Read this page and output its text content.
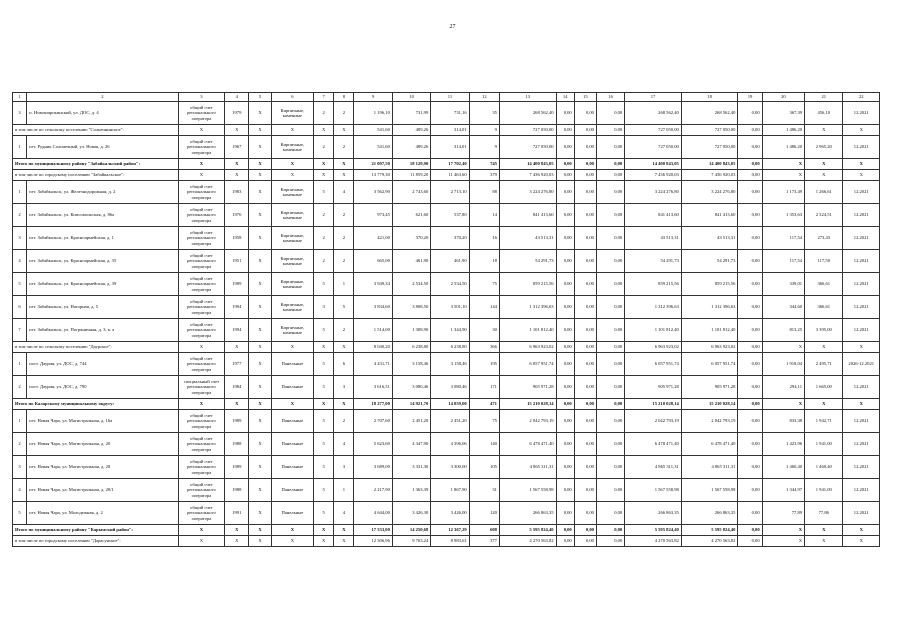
27
1	2	3	4	5	6	7	8	9	10	11	12	13	14	15	16	17	18	19	20	21	22
3	п. Новоширокинский, ул. ДОС, д. 4	общий счет регионального оператора	1979	Х	Кирпичные, каменные	2	2	1 196,10	731,99	731,16	35	268 562,40	0,00	0,00	0,00	268 562,40	268 562,40	0,00	367,39	456,10	12.2021
в том числе по сельскому поселению "Солнечнинское":		Х	Х	Х	Х	Х	Х	541,60	489,26	314,01	9	727 050,00	0,00	0,00	0,00	727 050,00	727 050,00	0,00	1 486,20	Х	Х
1	пгт. Рудник Солонечный, ул. Новая, д. 26	общий счет регионального оператора	1967	Х	Кирпичные, каменные	2	2	541,60	489,26	314,01	9	727 050,00	0,00	0,00	0,00	727 050,00	727 050,00	0,00	1 486,20	2 965,20	12.2021
Итого по муниципальному району "Забайкальский район":		Х	Х	Х	Х	Х	Х	21 097,50	18 129,90	17 702,40	745	14 400 843,05	0,00	0,00	0,00	14 400 843,05	14 400 843,05	0,00	Х	Х	Х
в том числе по городскому поселению "Забайкальское":		Х	Х	Х	Х	Х	Х	13 779,30	11 859,20	11 463,60	379	7 436 920,03	0,00	0,00	0,00	7 436 920,03	7 436 920,03	0,00	Х	Х	Х
1	пгт. Забайкальск, ул. Железнодорожная, д. 2	общий счет регионального оператора	1983	Х	Кирпичные, каменные	5	4	3 562,90	2 743,60	2 713,10	88	3 224 276,80	0,00	0,00	0,00	3 224 276,80	3 224 276,80	0,00	1 173,49	1 266,61	12.2021
2	пгт. Забайкальск, ул. Комсомольская, д. 86а	общий счет регионального оператора	1976	Х	Кирпичные, каменные	2	2	973,45	621,60	537,80	14	841 413,60	0,00	0,00	0,00	841 413,60	841 413,60	0,00	1 353,63	2 324,51	12.2021
3	пгт. Забайкальск, ул. Красноармейская, д. 1	общий счет регионального оператора	1958	Х	Кирпичные, каменные	2	2	421,00	370,20	370,20	16	43 513,31	0,00	0,00	0,00	43 513,31	43 513,31	0,00	117,54	273,43	12.2021
4	пгт. Забайкальск, ул. Красноармейская, д. 35	общий счет регионального оператора	1951	Х	Кирпичные, каменные	2	2	665,00	461,90	461,90	18	54 291,73	0,00	0,00	0,00	54 291,73	54 291,73	0,00	117,54	117,50	12.2021
5	пгт. Забайкальск, ул. Красноармейская, д. 39	общий счет регионального оператора	1989	Х	Кирпичные, каменные	5	1	3 949,34	2 534,50	2 534,50	75	859 215,56	0,00	0,00	0,00	859 215,56	859 215,56	0,00	339,01	366,61	12.2021
6	пгт. Забайкальск, ул. Нагорная, д. 5	общий счет регионального оператора	1994	Х	Кирпичные, каменные	3	5	3 834,60	3 808,50	3 501,10	144	1 312 396,63	0,00	0,00	0,00	1 312 396,63	1 312 396,63	0,00	344,60	366,61	12.2021
7	пгт. Забайкальск, ул. Пограничная, д. 3, к. а	общий счет регионального оператора	1994	Х	Кирпичные, каменные	5	2	1 514,00	1 308,90	1 344,90	30	1 101 812,40	0,00	0,00	0,00	1 101 812,40	1 101 812,40	0,00	813,25	3 395,00	12.2021
в том числе по сельскому поселению "Даурское":		Х	Х	Х	Х	Х	Х	8 040,20	6 238,80	6 238,80	366	6 963 923,02	0,00	0,00	0,00	6 963 923,02	6 963 923,02	0,00	Х	Х	Х
1	пост. Даурия, ул. ДОС, д. 744	общий счет регионального оператора	1977	Х	Панельные	5	6	4 431,71	3 158,46	3 158,46	195	6 057 951,74	0,00	0,00	0,00	6 057 951,74	6 057 951,74	0,00	1 918,04	2 495,71	2026-12.2021
2	пост. Даурия, ул. ДОС, д. 790	специальный счет регионального оператора	1984	Х	Панельные	5	3	3 616,51	3 080,46	3 080,46	171	905 971,28	0,00	0,00	0,00	905 971,28	905 971,28	0,00	294,11	1 665,00	12.2021
Итого по Каларскому муниципальному округу:		Х	Х	Х	Х	Х	Х	18 277,00	14 921,70	14 859,00	471	15 210 028,14	0,00	0,00	0,00	15 210 028,14	15 210 028,14	0,00	Х	Х	Х
1	пгт. Новая Чара, ул. Магистральная, д. 16а	общий счет регионального оператора	1989	Х	Панельные	5	2	2 707,60	2 451,20	2 451,20	75	2 042 793,19	0,00	0,00	0,00	2 042 793,19	2 042 793,19	0,00	833,38	1 942,71	12.2021
2	пгт. Новая Чара, ул. Магистральная, д. 20	общий счет регионального оператора	1988	Х	Панельные	5	4	5 623,60	4 347,90	4 396,06	140	6 478 471,40	0,00	0,00	0,00	6 478 471,40	6 478 471,40	0,00	1 423,96	1 941,00	12.2021
3	пгт. Новая Чара, ул. Магистральная, д. 28	общий счет регионального оператора	1989	Х	Панельные	5	3	3 689,00	3 331,30	3 300,00	105	4 865 311,31	0,00	0,00	0,00	4 865 311,31	4 865 311,31	0,00	1 460,40	1 460,40	12.2021
4	пгт. Новая Чара, ул. Магистральная, д. 28/1	общий счет регионального оператора	1988	Х	Панельные	5	1	2 217,90	1 363,39	1 867,90	31	1 567 558,98	0,00	0,00	0,00	1 567 558,98	1 567 558,98	0,00	1 344,97	1 941,00	12.2021
5	пгт. Новая Чара, ул. Молодежная, д. 2	общий счет регионального оператора	1991	Х	Панельные	5	4	4 644,00	3 426,30	3 426,00	120	266 863,35	0,00	0,00	0,00	266 863,35	266 863,35	0,00	77,89	77,86	12.2021
Итого по муниципальному району "Карымский район":		Х	Х	Х	Х	Х	Х	17 533,00	14 250,68	12 367,29	608	5 595 824,40	0,00	0,00	0,00	5 595 824,40	5 595 824,40	0,00	Х	Х	Х
в том числе по городскому поселению "Дарасунское":		Х	Х	Х	Х	Х	Х	12 306,96	9 763,24	8 983,61	377	4 270 563,82	0,00	0,00	0,00	4 270 563,82	4 270 563,82	0,00	Х	Х	Х
